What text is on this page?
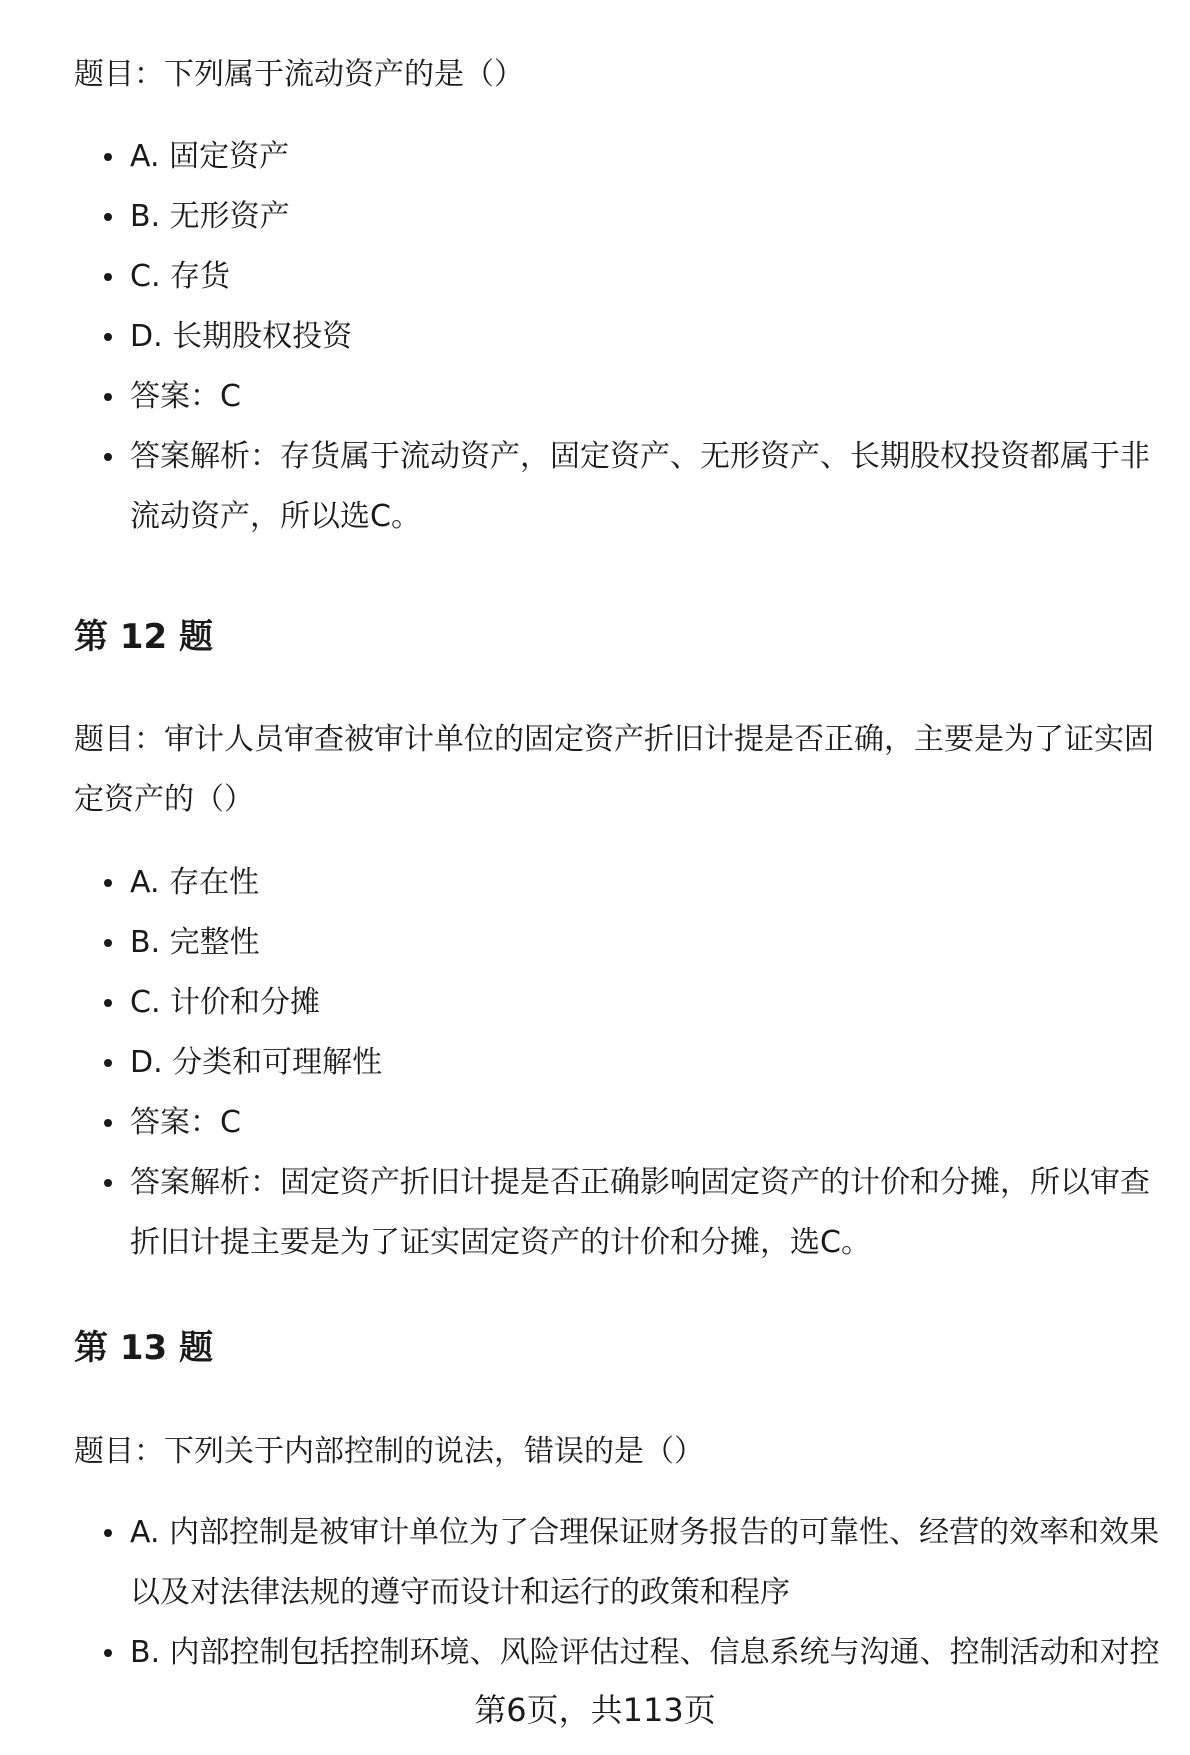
题目：下列属于流动资产的是（）

A. 固定资产
B. 无形资产
C. 存货
D. 长期股权投资
答案：C
答案解析：存货属于流动资产，固定资产、无形资产、长期股权投资都属于非流动资产，所以选C。
第 12 题

题目：审计人员审查被审计单位的固定资产折旧计提是否正确，主要是为了证实固定资产的（）

A. 存在性
B. 完整性
C. 计价和分摊
D. 分类和可理解性
答案：C
答案解析：固定资产折旧计提是否正确影响固定资产的计价和分摊，所以审查折旧计提主要是为了证实固定资产的计价和分摊，选C。
第 13 题

题目：下列关于内部控制的说法，错误的是（）

A. 内部控制是被审计单位为了合理保证财务报告的可靠性、经营的效率和效果以及对法律法规的遵守而设计和运行的政策和程序
B. 内部控制包括控制环境、风险评估过程、信息系统与沟通、控制活动和对控
第6页，共113页
